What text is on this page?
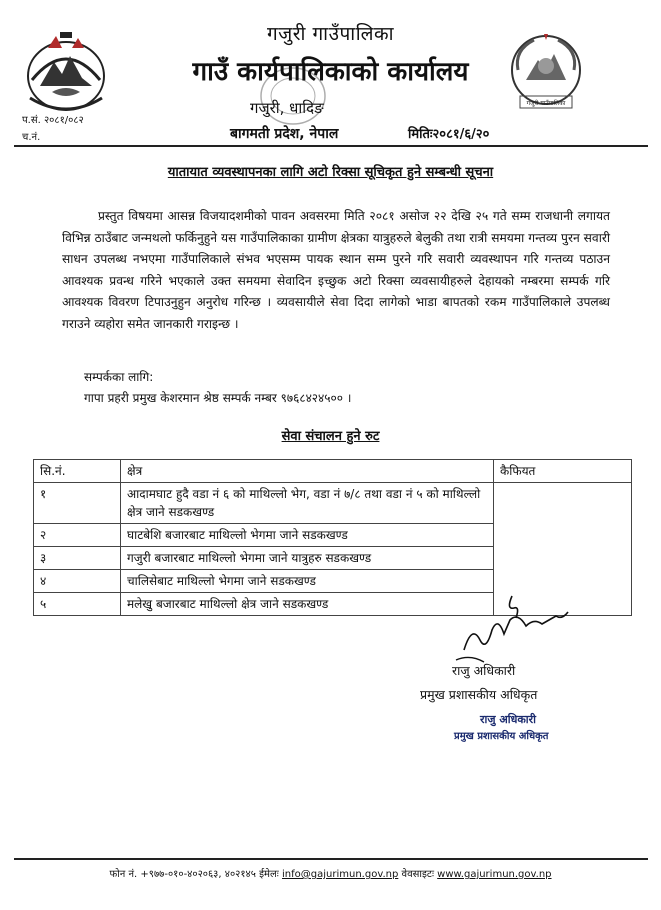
गजुरी गाउँपालिका
गजुरी गाउँपालिका
गाउँ कार्यपालिकाको कार्यालय
गजुरी, धादिङ
बागमती प्रदेश, नेपाल	मितिः२०८१/६/२०
प.सं. २०८१/०८२
च.नं.
यातायात व्यवस्थापनका लागि अटो रिक्सा सूचिकृत हुने सम्बन्धी सूचना
प्रस्तुत विषयमा आसन्न विजयादशमीको पावन अवसरमा मिति २०८१ असोज २२ देखि २५ गते सम्म राजधानी लगायत विभिन्न ठाउँबाट जन्मथलो फर्किनुहुने यस गाउँपालिकाका ग्रामीण क्षेत्रका यात्रुहरुले बेलुकी तथा रात्री समयमा गन्तव्य पुरन सवारी साधन उपलब्ध नभएमा गाउँपालिकाले संभव भएसम्म पायक स्थान सम्म पुरने गरि सवारी व्यवस्थापन गरि गन्तव्य पठाउन आवश्यक प्रवन्ध गरिने भएकाले उक्त समयमा सेवादिन इच्छुक अटो रिक्सा व्यवसायीहरुले देहायको नम्बरमा सम्पर्क गरि आवश्यक विवरण टिपाउनुहुन अनुरोध गरिन्छ । व्यवसायीले सेवा दिदा लागेको भाडा बापतको रकम गाउँपालिकाले उपलब्ध गराउने व्यहोरा समेत जानकारी गराइन्छ ।
सम्पर्कका लागि:
गापा प्रहरी प्रमुख केशरमान श्रेष्ठ सम्पर्क नम्बर ९७६८४२४५०० ।
सेवा संचालन हुने रुट
सि.नं.	क्षेत्र	कैफियत
१	आदामघाट हुदै वडा नं ६ को माथिल्लो भेग, वडा नं ७/८ तथा वडा नं ५ को माथिल्लो क्षेत्र जाने सडकखण्ड	
२	घाटबेशि बजारबाट माथिल्लो भेगमा जाने सडकखण्ड	
३	गजुरी बजारबाट माथिल्लो भेगमा जाने यात्रुहरु सडकखण्ड	
४	चालिसेबाट माथिल्लो भेगमा जाने सडकखण्ड	
५	मलेखु बजारबाट माथिल्लो क्षेत्र जाने सडकखण्ड	
राजु अधिकारी
प्रमुख प्रशासकीय अधिकृत
राजु अधिकारी
प्रमुख प्रशासकीय अधिकृत
फोन नं. +९७७-०१०-४०२०६३, ४०२१४५ ईमेलः info@gajurimun.gov.np वेवसाइटः www.gajurimun.gov.np
